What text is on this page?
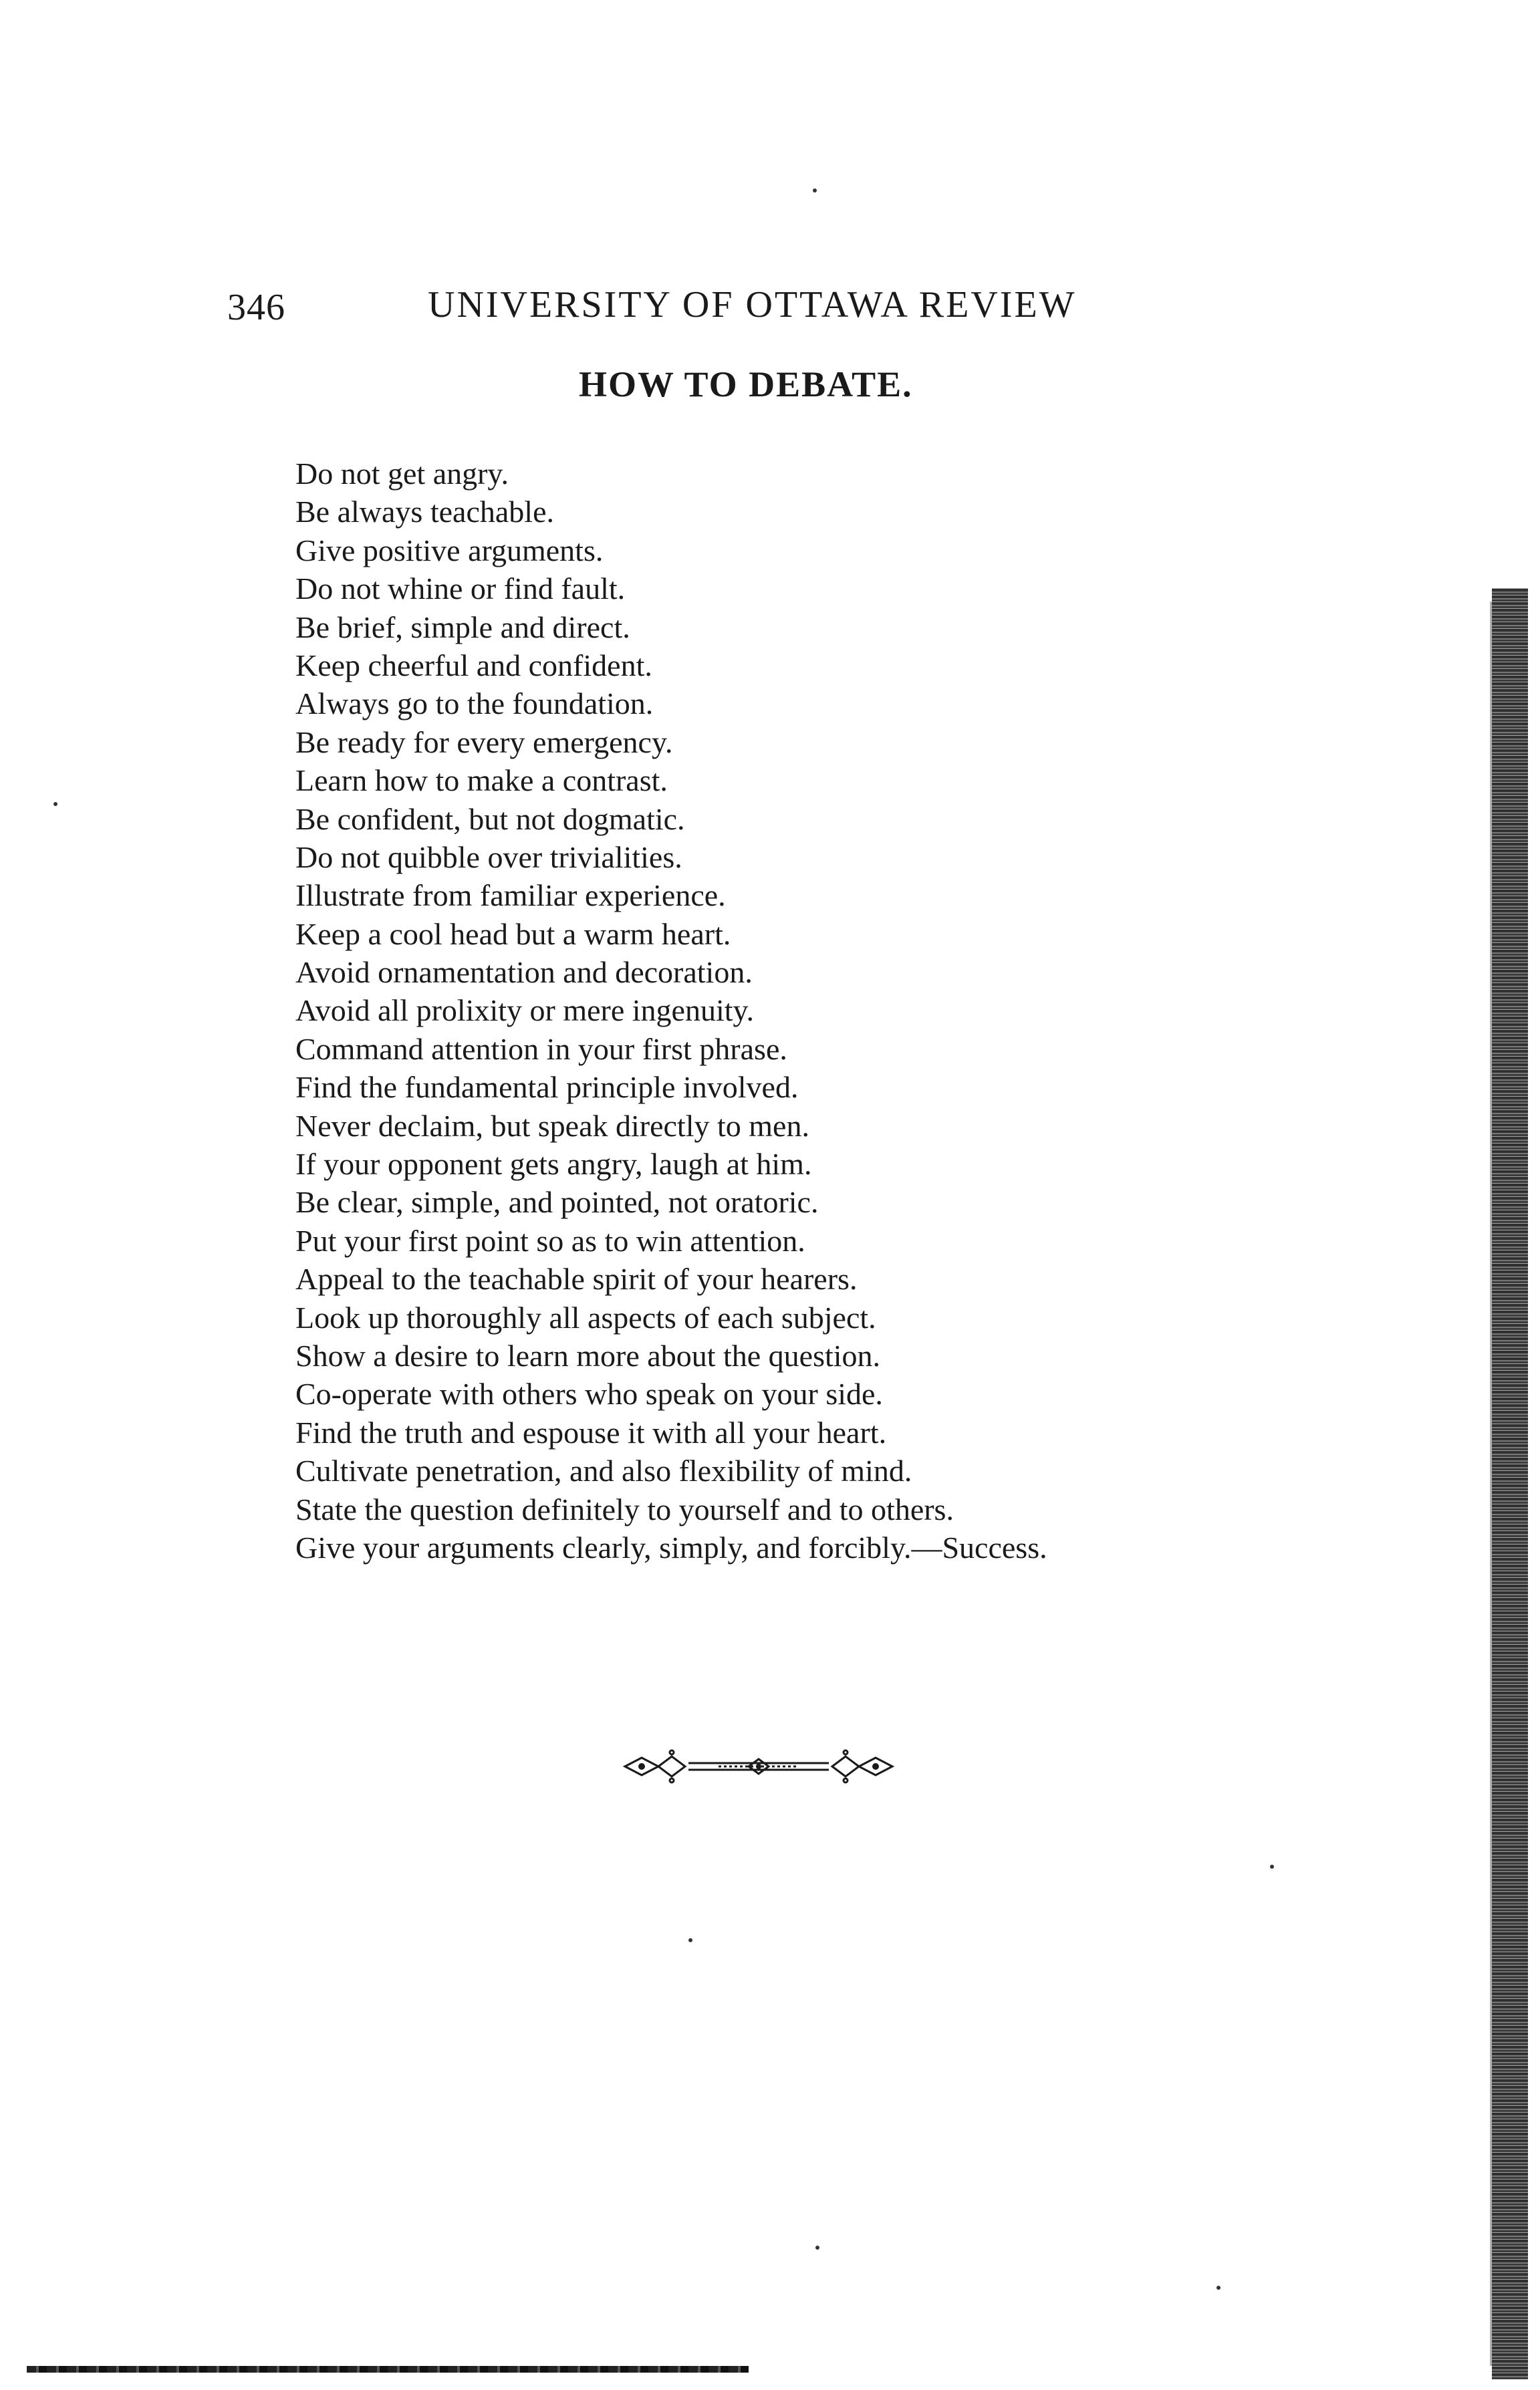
346	UNIVERSITY OF OTTAWA REVIEW
HOW TO DEBATE.
Do not get angry.
Be always teachable.
Give positive arguments.
Do not whine or find fault.
Be brief, simple and direct.
Keep cheerful and confident.
Always go to the foundation.
Be ready for every emergency.
Learn how to make a contrast.
Be confident, but not dogmatic.
Do not quibble over trivialities.
Illustrate from familiar experience.
Keep a cool head but a warm heart.
Avoid ornamentation and decoration.
Avoid all prolixity or mere ingenuity.
Command attention in your first phrase.
Find the fundamental principle involved.
Never declaim, but speak directly to men.
If your opponent gets angry, laugh at him.
Be clear, simple, and pointed, not oratoric.
Put your first point so as to win attention.
Appeal to the teachable spirit of your hearers.
Look up thoroughly all aspects of each subject.
Show a desire to learn more about the question.
Co-operate with others who speak on your side.
Find the truth and espouse it with all your heart.
Cultivate penetration, and also flexibility of mind.
State the question definitely to yourself and to others.
Give your arguments clearly, simply, and forcibly.—Success.
